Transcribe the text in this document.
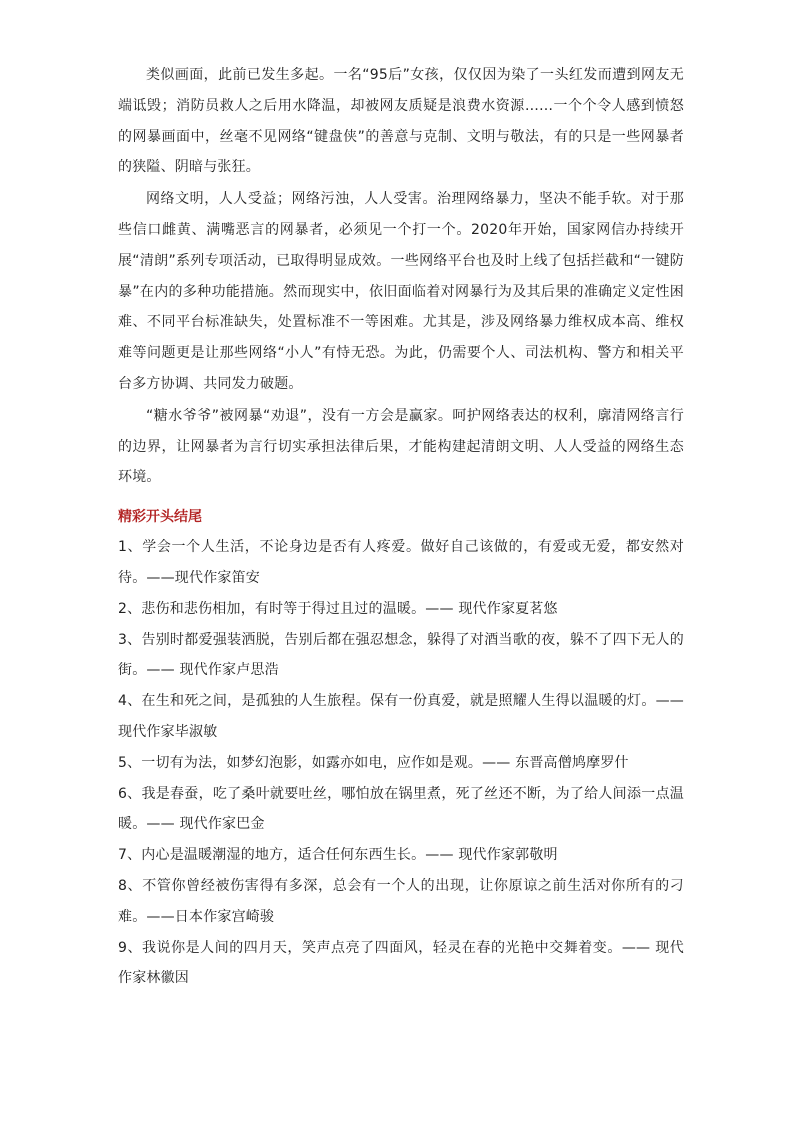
类似画面，此前已发生多起。一名“95后”女孩，仅仅因为染了一头红发而遭到网友无端诋毁；消防员救人之后用水降温，却被网友质疑是浪费水资源……一个个令人感到愤怒的网暴画面中，丝毫不见网络“键盘侠”的善意与克制、文明与敬法，有的只是一些网暴者的狭隘、阴暗与张狂。

网络文明，人人受益；网络污浊，人人受害。治理网络暴力，坚决不能手软。对于那些信口雌黄、满嘴恶言的网暴者，必须见一个打一个。2020年开始，国家网信办持续开展“清朗”系列专项活动，已取得明显成效。一些网络平台也及时上线了包括拦截和“一键防暴”在内的多种功能措施。然而现实中，依旧面临着对网暴行为及其后果的准确定义定性困难、不同平台标准缺失，处置标准不一等困难。尤其是，涉及网络暴力维权成本高、维权难等问题更是让那些网络“小人”有恃无恐。为此，仍需要个人、司法机构、警方和相关平台多方协调、共同发力破题。

“糖水爷爷”被网暴“劝退”，没有一方会是赢家。呵护网络表达的权利，廓清网络言行的边界，让网暴者为言行切实承担法律后果，才能构建起清朗文明、人人受益的网络生态环境。

精彩开头结尾

1、学会一个人生活，不论身边是否有人疼爱。做好自己该做的，有爱或无爱，都安然对待。——现代作家笛安

2、悲伤和悲伤相加，有时等于得过且过的温暖。—— 现代作家夏茗悠

3、告别时都爱强装洒脱，告别后都在强忍想念，躲得了对酒当歌的夜，躲不了四下无人的街。—— 现代作家卢思浩

4、在生和死之间，是孤独的人生旅程。保有一份真爱，就是照耀人生得以温暖的灯。——现代作家毕淑敏

5、一切有为法，如梦幻泡影，如露亦如电，应作如是观。—— 东晋高僧鸠摩罗什

6、我是春蚕，吃了桑叶就要吐丝，哪怕放在锅里煮，死了丝还不断，为了给人间添一点温暖。—— 现代作家巴金

7、内心是温暖潮湿的地方，适合任何东西生长。—— 现代作家郭敬明

8、不管你曾经被伤害得有多深，总会有一个人的出现，让你原谅之前生活对你所有的刁难。——日本作家宫崎骏

9、我说你是人间的四月天，笑声点亮了四面风，轻灵在春的光艳中交舞着变。—— 现代作家林徽因
